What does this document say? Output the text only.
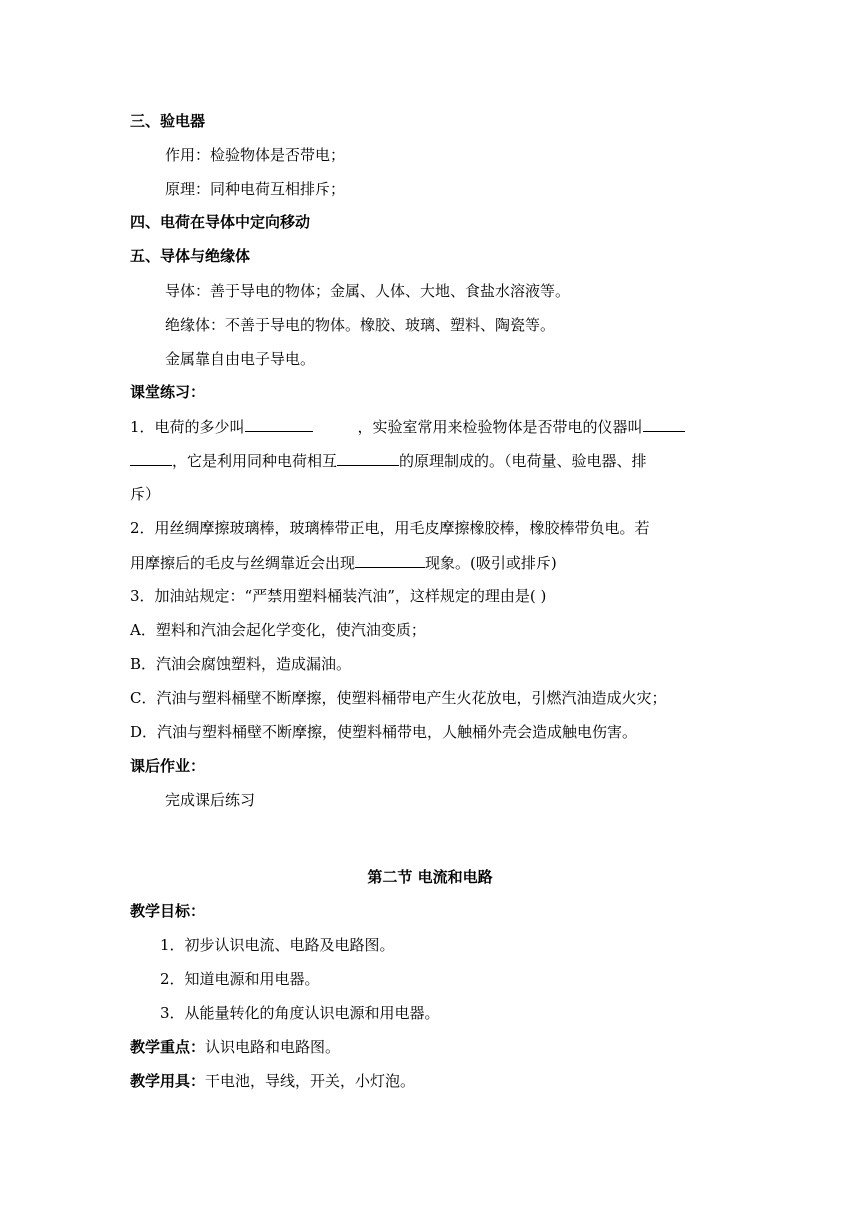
三、验电器
作用：检验物体是否带电；
原理：同种电荷互相排斥；
四、电荷在导体中定向移动
五、导体与绝缘体
导体：善于导电的物体；金属、人体、大地、食盐水溶液等。
绝缘体：不善于导电的物体。橡胶、玻璃、塑料、陶瓷等。
金属靠自由电子导电。
课堂练习：
1．电荷的多少叫	，实验室常用来检验物体是否带电的仪器叫
，它是利用同种电荷相互	的原理制成的。（电荷量、验电器、排
斥）
2．用丝绸摩擦玻璃棒，玻璃棒带正电，用毛皮摩擦橡胶棒，橡胶棒带负电。若
用摩擦后的毛皮与丝绸靠近会出现	现象。(吸引或排斥)
3．加油站规定：“严禁用塑料桶装汽油”，这样规定的理由是( )
A．塑料和汽油会起化学变化，使汽油变质；
B．汽油会腐蚀塑料，造成漏油。
C．汽油与塑料桶壁不断摩擦，使塑料桶带电产生火花放电，引燃汽油造成火灾；
D．汽油与塑料桶壁不断摩擦，使塑料桶带电，人触桶外壳会造成触电伤害。
课后作业：
完成课后练习
第二节 电流和电路
教学目标：
1．初步认识电流、电路及电路图。
2．知道电源和用电器。
3．从能量转化的角度认识电源和用电器。
教学重点：认识电路和电路图。
教学用具：干电池，导线，开关，小灯泡。
